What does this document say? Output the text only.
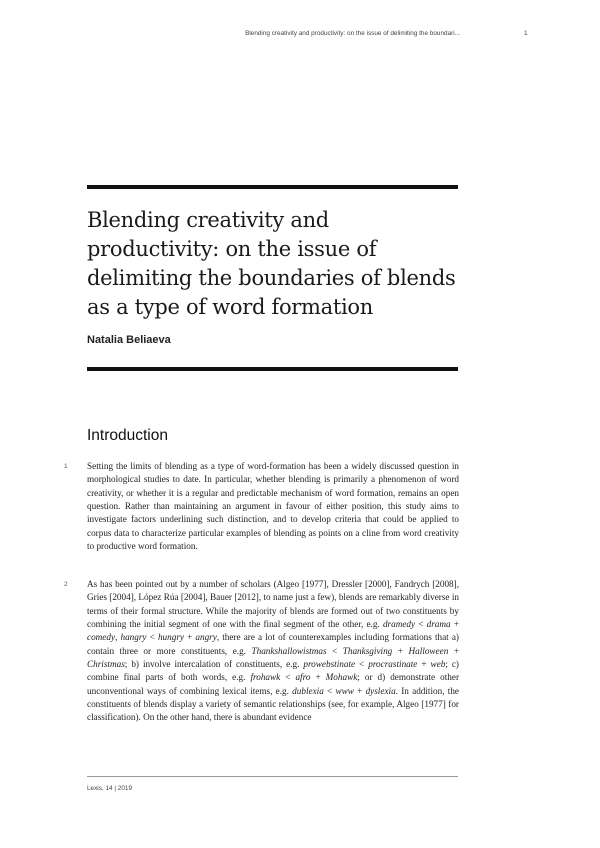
Blending creativity and productivity: on the issue of delimiting the boundari...	1
Blending creativity and productivity: on the issue of delimiting the boundaries of blends as a type of word formation
Natalia Beliaeva
Introduction
1 Setting the limits of blending as a type of word-formation has been a widely discussed question in morphological studies to date. In particular, whether blending is primarily a phenomenon of word creativity, or whether it is a regular and predictable mechanism of word formation, remains an open question. Rather than maintaining an argument in favour of either position, this study aims to investigate factors underlining such distinction, and to develop criteria that could be applied to corpus data to characterize particular examples of blending as points on a cline from word creativity to productive word formation.

2 As has been pointed out by a number of scholars (Algeo [1977], Dressler [2000], Fandrych [2008], Gries [2004], López Rúa [2004], Bauer [2012], to name just a few), blends are remarkably diverse in terms of their formal structure. While the majority of blends are formed out of two constituents by combining the initial segment of one with the final segment of the other, e.g. dramedy < drama + comedy, hangry < hungry + angry, there are a lot of counterexamples including formations that a) contain three or more constituents, e.g. Thankshallowistmas < Thanksgiving + Halloween + Christmas; b) involve intercalation of constituents, e.g. prowebstinate < procrastinate + web; c) combine final parts of both words, e.g. frohawk < afro + Mohawk; or d) demonstrate other unconventional ways of combining lexical items, e.g. dublexia < www + dyslexia. In addition, the constituents of blends display a variety of semantic relationships (see, for example, Algeo [1977] for classification). On the other hand, there is abundant evidence

Lexis, 14 | 2019
